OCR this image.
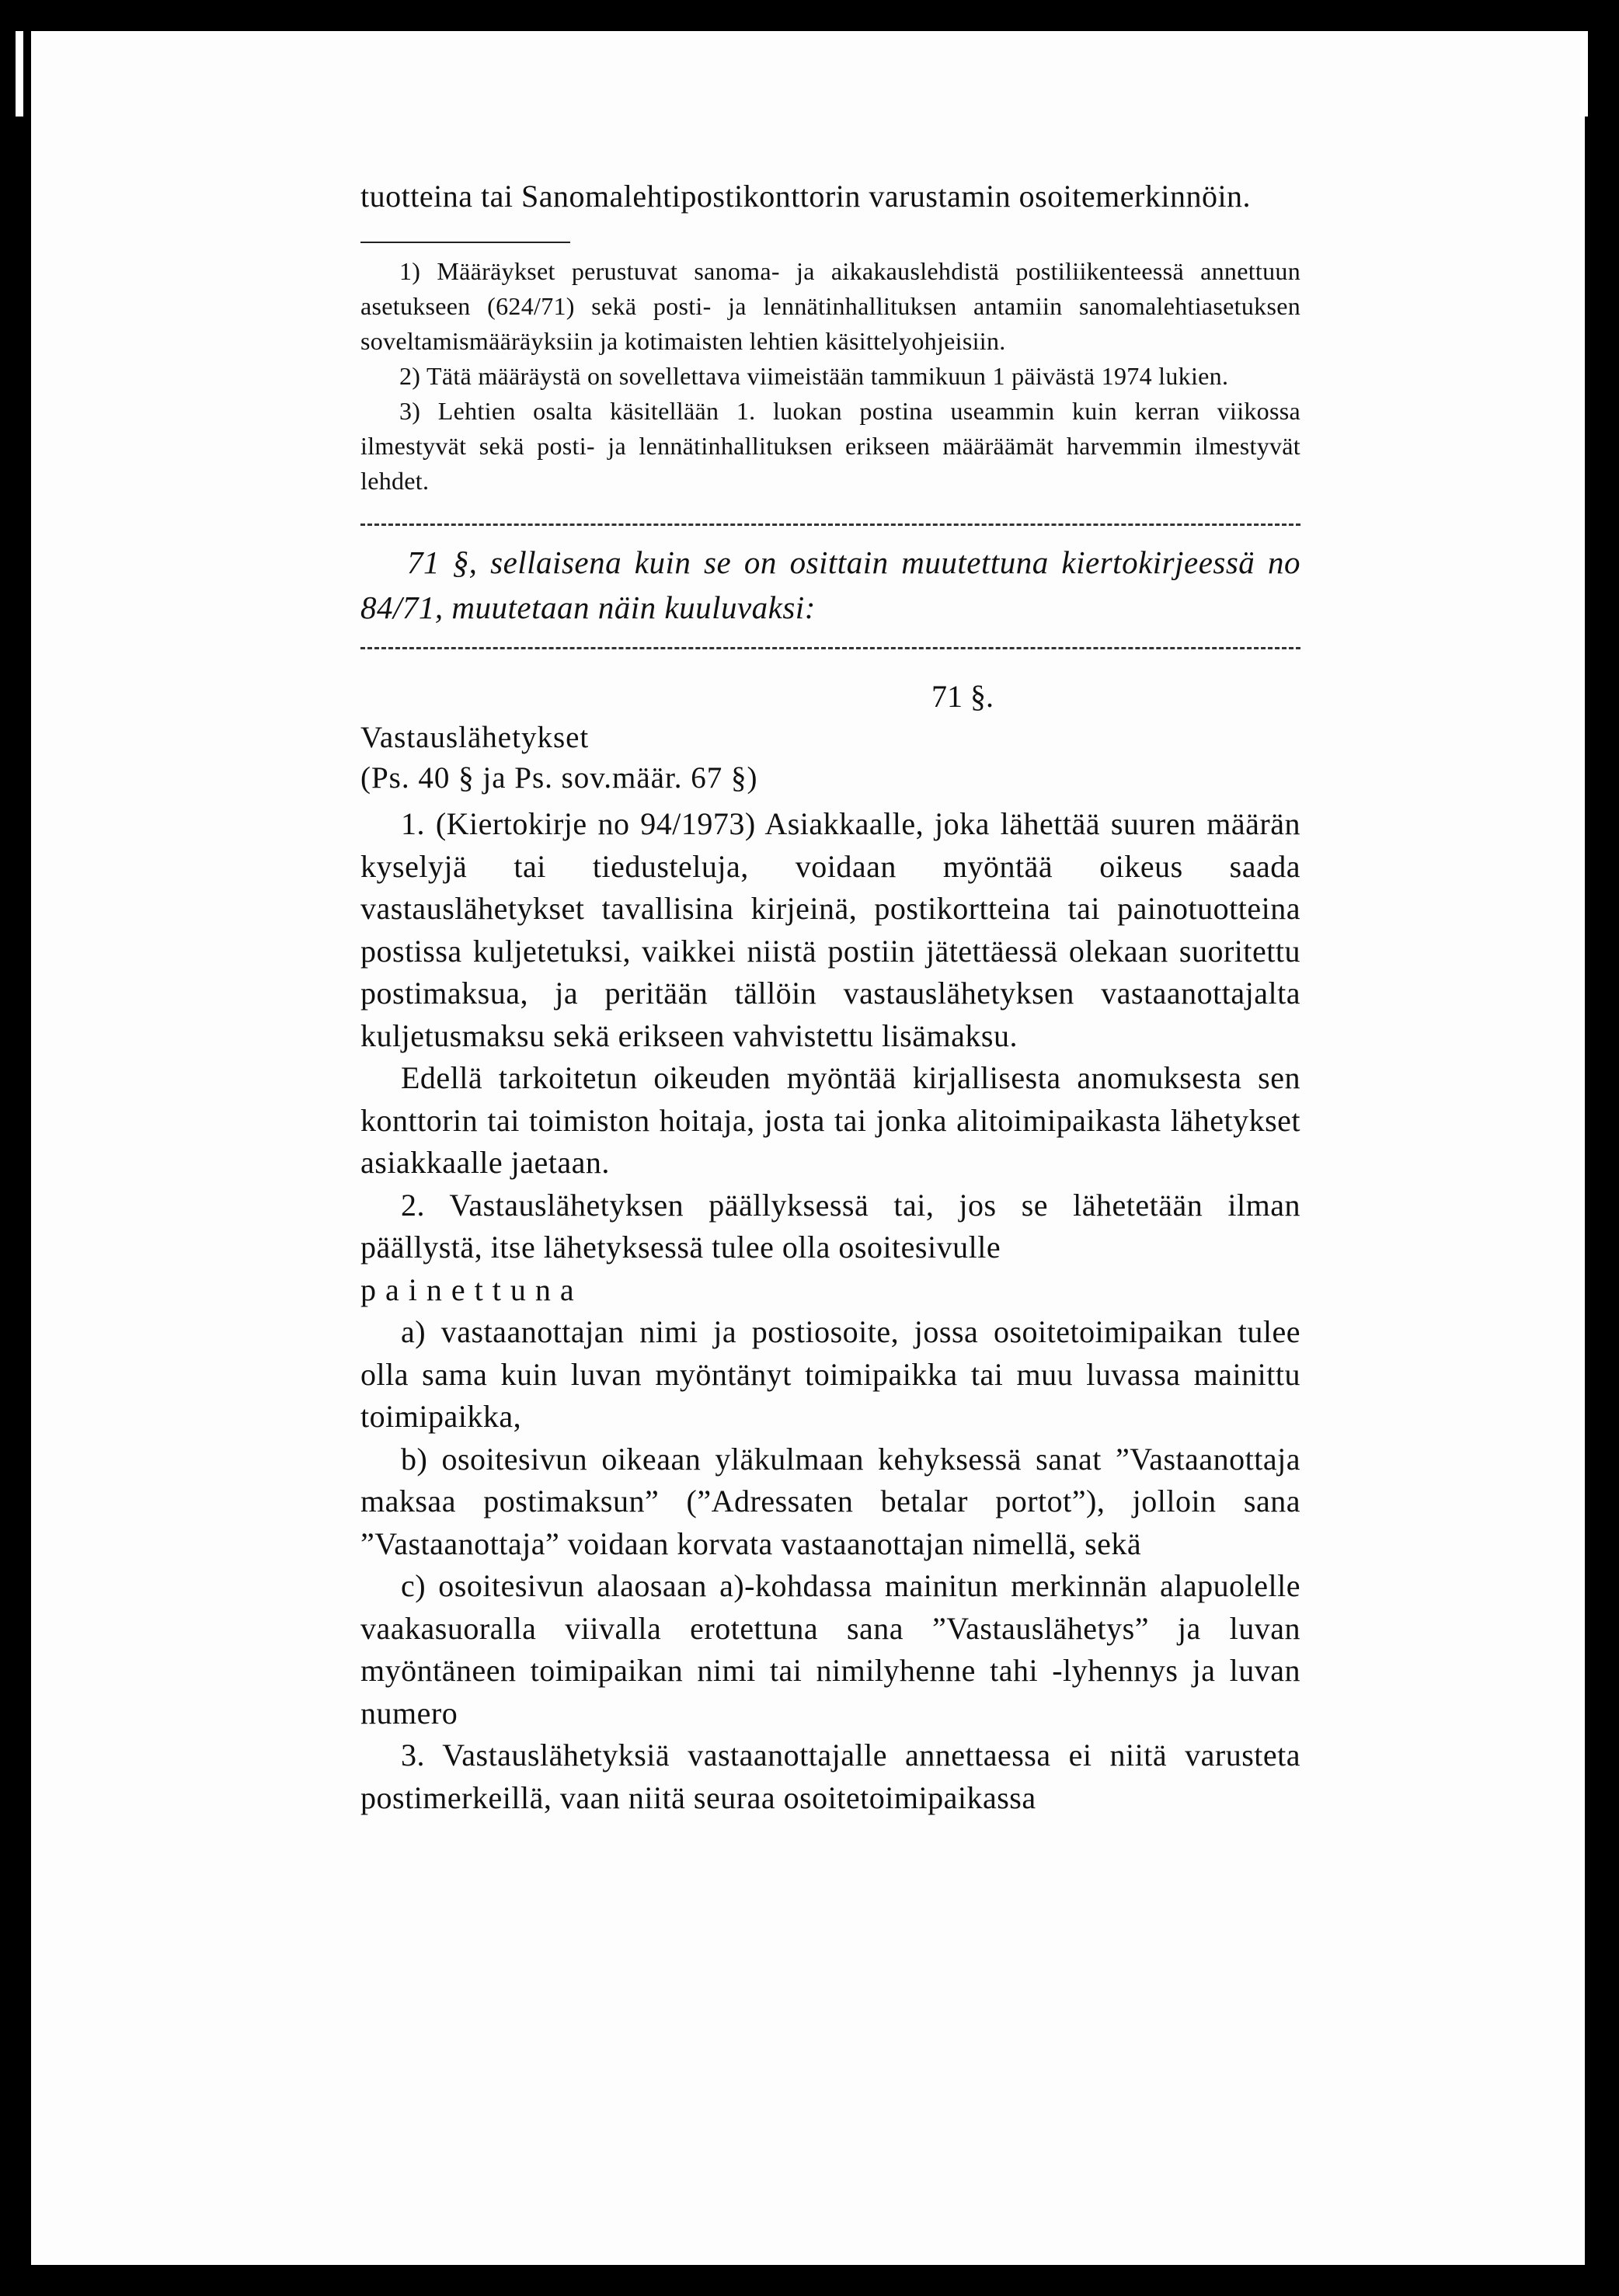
tuotteina tai Sanomalehtipostikonttorin varustamin osoitemerkinnöin.

1) Määräykset perustuvat sanoma- ja aikakauslehdistä postiliikenteessä annettuun asetukseen (624/71) sekä posti- ja lennätinhallituksen antamiin sanomalehtiasetuksen soveltamismääräyksiin ja kotimaisten lehtien käsittelyohjeisiin.

2) Tätä määräystä on sovellettava viimeistään tammikuun 1 päivästä 1974 lukien.

3) Lehtien osalta käsitellään 1. luokan postina useammin kuin kerran viikossa ilmestyvät sekä posti- ja lennätinhallituksen erikseen määräämät harvemmin ilmestyvät lehdet.

71 §, sellaisena kuin se on osittain muutettuna kiertokirjeessä no 84/71, muutetaan näin kuuluvaksi:

71 §.

Vastauslähetykset

(Ps. 40 § ja Ps. sov.määr. 67 §)

1. (Kiertokirje no 94/1973) Asiakkaalle, joka lähettää suuren määrän kyselyjä tai tiedusteluja, voidaan myöntää oikeus saada vastauslähetykset tavallisina kirjeinä, postikortteina tai painotuotteina postissa kuljetetuksi, vaikkei niistä postiin jätettäessä olekaan suoritettu postimaksua, ja peritään tällöin vastauslähetyksen vastaanottajalta kuljetusmaksu sekä erikseen vahvistettu lisämaksu.

Edellä tarkoitetun oikeuden myöntää kirjallisesta anomuksesta sen konttorin tai toimiston hoitaja, josta tai jonka alitoimipaikasta lähetykset asiakkaalle jaetaan.

2. Vastauslähetyksen päällyksessä tai, jos se lähetetään ilman päällystä, itse lähetyksessä tulee olla osoitesivulle

painettuna

a) vastaanottajan nimi ja postiosoite, jossa osoitetoimipaikan tulee olla sama kuin luvan myöntänyt toimipaikka tai muu luvassa mainittu toimipaikka,

b) osoitesivun oikeaan yläkulmaan kehyksessä sanat ”Vastaanottaja maksaa postimaksun” (”Adressaten betalar portot”), jolloin sana ”Vastaanottaja” voidaan korvata vastaanottajan nimellä, sekä

c) osoitesivun alaosaan a)-kohdassa mainitun merkinnän alapuolelle vaakasuoralla viivalla erotettuna sana ”Vastauslähetys” ja luvan myöntäneen toimipaikan nimi tai nimilyhenne tahi -lyhennys ja luvan numero

3. Vastauslähetyksiä vastaanottajalle annettaessa ei niitä varusteta postimerkeillä, vaan niitä seuraa osoitetoimipaikassa
